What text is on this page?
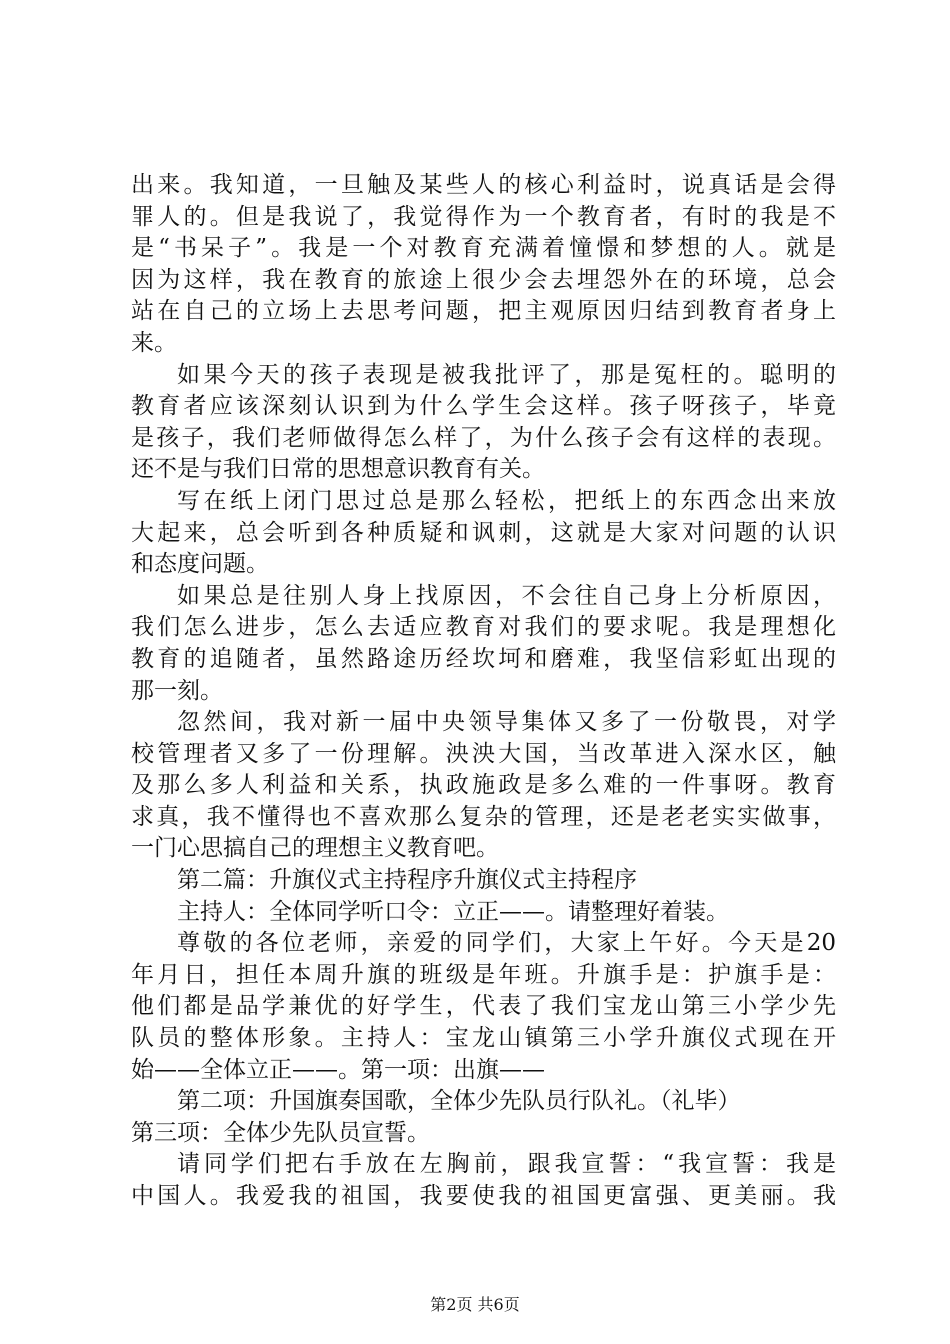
出来。我知道，一旦触及某些人的核心利益时，说真话是会得
罪人的。但是我说了，我觉得作为一个教育者，有时的我是不
是“书呆子”。我是一个对教育充满着憧憬和梦想的人。就是
因为这样，我在教育的旅途上很少会去埋怨外在的环境，总会
站在自己的立场上去思考问题，把主观原因归结到教育者身上
来。
如果今天的孩子表现是被我批评了，那是冤枉的。聪明的
教育者应该深刻认识到为什么学生会这样。孩子呀孩子，毕竟
是孩子，我们老师做得怎么样了，为什么孩子会有这样的表现。
还不是与我们日常的思想意识教育有关。
写在纸上闭门思过总是那么轻松，把纸上的东西念出来放
大起来，总会听到各种质疑和讽刺，这就是大家对问题的认识
和态度问题。
如果总是往别人身上找原因，不会往自己身上分析原因，
我们怎么进步，怎么去适应教育对我们的要求呢。我是理想化
教育的追随者，虽然路途历经坎坷和磨难，我坚信彩虹出现的
那一刻。
忽然间，我对新一届中央领导集体又多了一份敬畏，对学
校管理者又多了一份理解。泱泱大国，当改革进入深水区，触
及那么多人利益和关系，执政施政是多么难的一件事呀。教育
求真，我不懂得也不喜欢那么复杂的管理，还是老老实实做事，
一门心思搞自己的理想主义教育吧。
第二篇：升旗仪式主持程序升旗仪式主持程序
主持人：全体同学听口令：立正——。请整理好着装。
尊敬的各位老师，亲爱的同学们，大家上午好。今天是20
年月日，担任本周升旗的班级是年班。升旗手是：护旗手是：
他们都是品学兼优的好学生，代表了我们宝龙山第三小学少先
队员的整体形象。主持人：宝龙山镇第三小学升旗仪式现在开
始——全体立正——。第一项：出旗——
第二项：升国旗奏国歌，全体少先队员行队礼。（礼毕）
第三项：全体少先队员宣誓。
请同学们把右手放在左胸前，跟我宣誓：“我宣誓：我是
中国人。我爱我的祖国，我要使我的祖国更富强、更美丽。我
第2页 共6页
